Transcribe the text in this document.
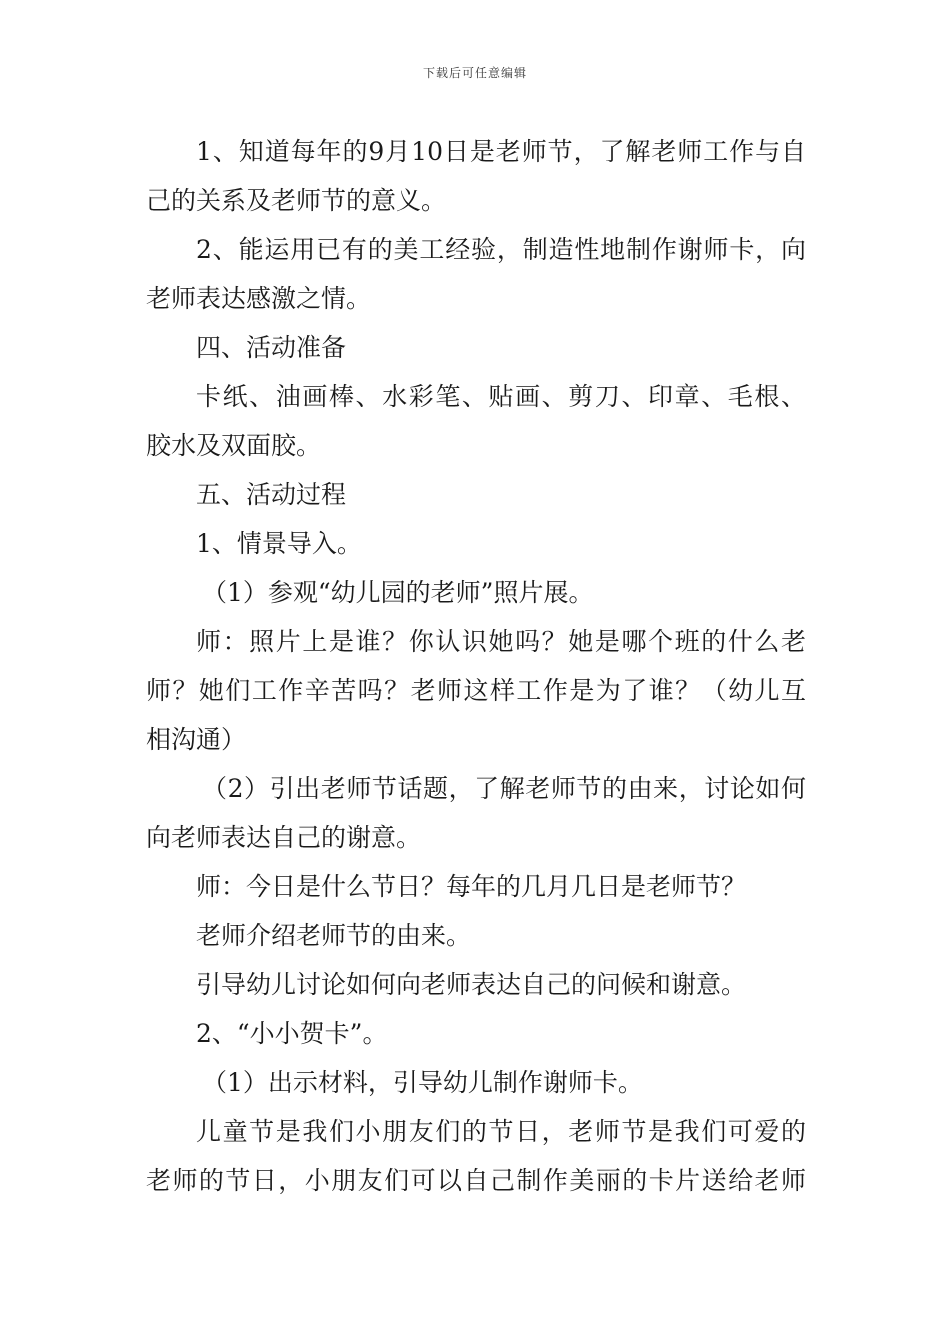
下载后可任意编辑
1、知道每年的9月10日是老师节，了解老师工作与自
己的关系及老师节的意义。
2、能运用已有的美工经验，制造性地制作谢师卡，向
老师表达感激之情。
四、活动准备
卡纸、油画棒、水彩笔、贴画、剪刀、印章、毛根、
胶水及双面胶。
五、活动过程
1、情景导入。
（1）参观“幼儿园的老师”照片展。
师：照片上是谁？你认识她吗？她是哪个班的什么老
师？她们工作辛苦吗？老师这样工作是为了谁？（幼儿互
相沟通）
（2）引出老师节话题，了解老师节的由来，讨论如何
向老师表达自己的谢意。
师：今日是什么节日？每年的几月几日是老师节？
老师介绍老师节的由来。
引导幼儿讨论如何向老师表达自己的问候和谢意。
2、“小小贺卡”。
（1）出示材料，引导幼儿制作谢师卡。
儿童节是我们小朋友们的节日，老师节是我们可爱的
老师的节日，小朋友们可以自己制作美丽的卡片送给老师
